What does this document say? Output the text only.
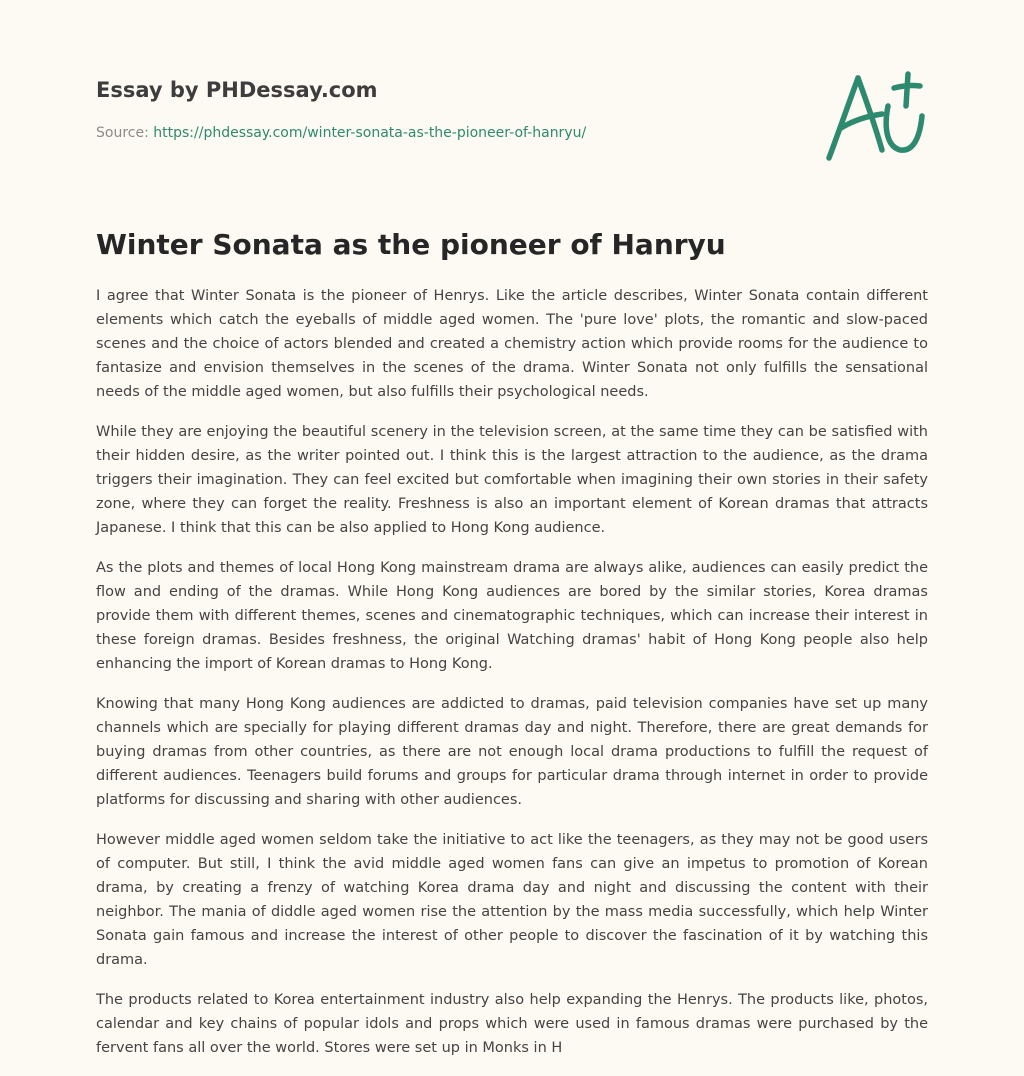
Essay by PHDessay.com
Source: https://phdessay.com/winter-sonata-as-the-pioneer-of-hanryu/
Winter Sonata as the pioneer of Hanryu

I agree that Winter Sonata is the pioneer of Henrys. Like the article describes, Winter Sonata contain different elements which catch the eyeballs of middle aged women. The 'pure love' plots, the romantic and slow-paced scenes and the choice of actors blended and created a chemistry action which provide rooms for the audience to fantasize and envision themselves in the scenes of the drama. Winter Sonata not only fulfills the sensational needs of the middle aged women, but also fulfills their psychological needs.

While they are enjoying the beautiful scenery in the television screen, at the same time they can be satisfied with their hidden desire, as the writer pointed out. I think this is the largest attraction to the audience, as the drama triggers their imagination. They can feel excited but comfortable when imagining their own stories in their safety zone, where they can forget the reality. Freshness is also an important element of Korean dramas that attracts Japanese. I think that this can be also applied to Hong Kong audience.

As the plots and themes of local Hong Kong mainstream drama are always alike, audiences can easily predict the flow and ending of the dramas. While Hong Kong audiences are bored by the similar stories, Korea dramas provide them with different themes, scenes and cinematographic techniques, which can increase their interest in these foreign dramas. Besides freshness, the original Watching dramas' habit of Hong Kong people also help enhancing the import of Korean dramas to Hong Kong.

Knowing that many Hong Kong audiences are addicted to dramas, paid television companies have set up many channels which are specially for playing different dramas day and night. Therefore, there are great demands for buying dramas from other countries, as there are not enough local drama productions to fulfill the request of different audiences. Teenagers build forums and groups for particular drama through internet in order to provide platforms for discussing and sharing with other audiences.

However middle aged women seldom take the initiative to act like the teenagers, as they may not be good users of computer. But still, I think the avid middle aged women fans can give an impetus to promotion of Korean drama, by creating a frenzy of watching Korea drama day and night and discussing the content with their neighbor. The mania of diddle aged women rise the attention by the mass media successfully, which help Winter Sonata gain famous and increase the interest of other people to discover the fascination of it by watching this drama.

The products related to Korea entertainment industry also help expanding the Henrys. The products like, photos, calendar and key chains of popular idols and props which were used in famous dramas were purchased by the fervent fans all over the world. Stores were set up in Monks in H
